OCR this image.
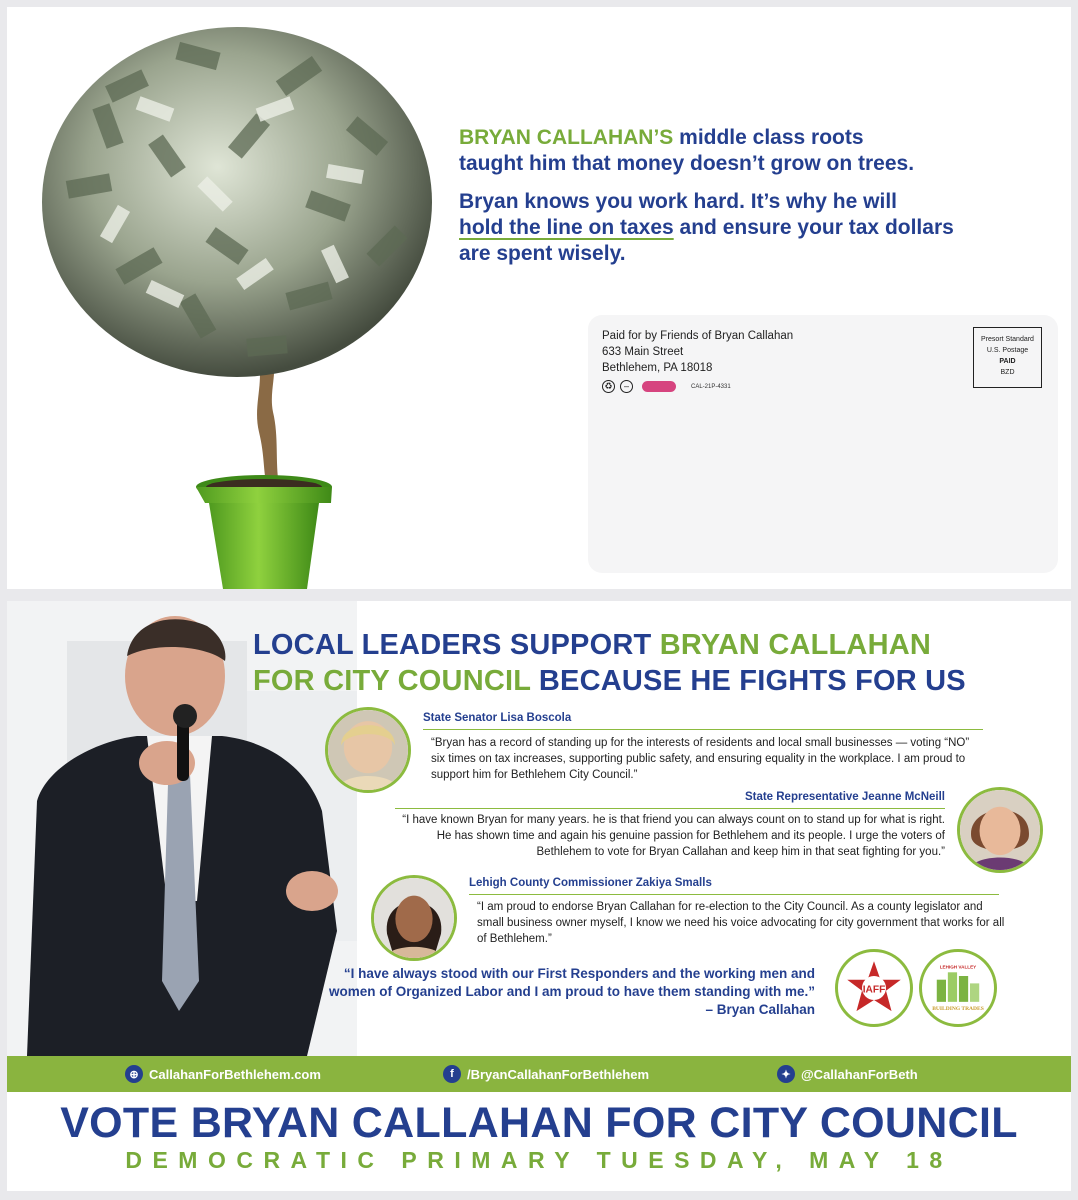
BRYAN CALLAHAN’S middle class roots
taught him that money doesn’t grow on trees.

Bryan knows you work hard. It’s why he will
hold the line on taxes and ensure your tax dollars
are spent wisely.

Paid for by Friends of Bryan Callahan
633 Main Street
Bethlehem, PA 18018
♻	–	CAL-21P-4331
Presort Standard
U.S. Postage
PAID
BZD
LOCAL LEADERS SUPPORT BRYAN CALLAHAN
FOR CITY COUNCIL BECAUSE HE FIGHTS FOR US
State Senator Lisa Boscola
“Bryan has a record of standing up for the interests of residents and local small businesses — voting “NO” six times on tax increases, supporting public safety, and ensuring equality in the workplace. I am proud to support him for Bethlehem City Council.”
State Representative Jeanne McNeill
“I have known Bryan for many years. he is that friend you can always count on to stand up for what is right. He has shown time and again his genuine passion for Bethlehem and its people. I urge the voters of Bethlehem to vote for Bryan Callahan and keep him in that seat fighting for you.”
Lehigh County Commissioner Zakiya Smalls
“I am proud to endorse Bryan Callahan for re-election to the City Council. As a county legislator and small business owner myself, I know we need his voice advocating for city government that works for all of Bethlehem.”
“I have always stood with our First Responders and the working men and women of Organized Labor and I am proud to have them standing with me.” – Bryan Callahan
IAFF
LEHIGH VALLEY
BUILDING TRADES
⊕ CallahanForBethlehem.com	f	/BryanCallahanForBethlehem	✦ @CallahanForBeth
VOTE BRYAN CALLAHAN FOR CITY COUNCIL
DEMOCRATIC PRIMARY TUESDAY, MAY 18
